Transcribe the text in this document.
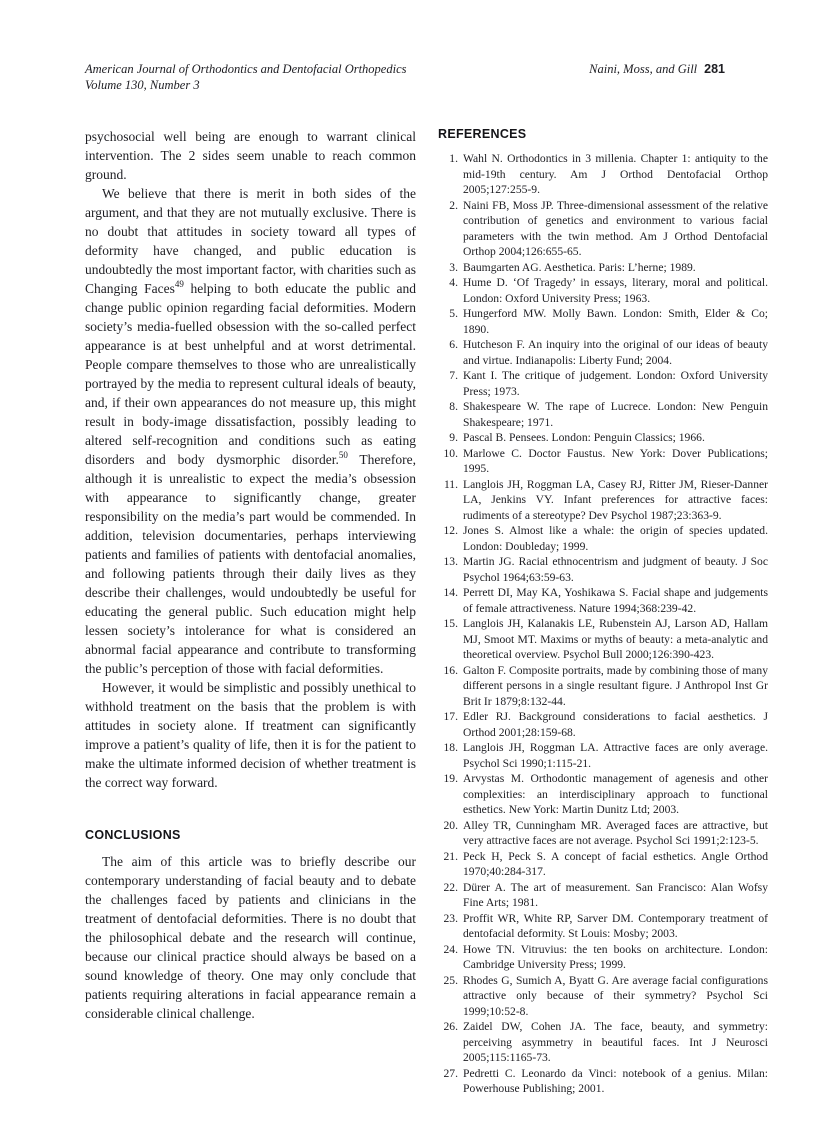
American Journal of Orthodontics and Dentofacial Orthopedics
Volume 130, Number 3
Naini, Moss, and Gill 281

psychosocial well being are enough to warrant clinical intervention. The 2 sides seem unable to reach common ground.

We believe that there is merit in both sides of the argument, and that they are not mutually exclusive. There is no doubt that attitudes in society toward all types of deformity have changed, and public education is undoubtedly the most important factor, with charities such as Changing Faces$^{49}$ helping to both educate the public and change public opinion regarding facial deformities. Modern society’s media-fuelled obsession with the so-called perfect appearance is at best unhelpful and at worst detrimental. People compare themselves to those who are unrealistically portrayed by the media to represent cultural ideals of beauty, and, if their own appearances do not measure up, this might result in body-image dissatisfaction, possibly leading to altered self-recognition and conditions such as eating disorders and body dysmorphic disorder.$^{50}$ Therefore, although it is unrealistic to expect the media’s obsession with appearance to significantly change, greater responsibility on the media’s part would be commended. In addition, television documentaries, perhaps interviewing patients and families of patients with dentofacial anomalies, and following patients through their daily lives as they describe their challenges, would undoubtedly be useful for educating the general public. Such education might help lessen society’s intolerance for what is considered an abnormal facial appearance and contribute to transforming the public’s perception of those with facial deformities.

However, it would be simplistic and possibly unethical to withhold treatment on the basis that the problem is with attitudes in society alone. If treatment can significantly improve a patient’s quality of life, then it is for the patient to make the ultimate informed decision of whether treatment is the correct way forward.

CONCLUSIONS

The aim of this article was to briefly describe our contemporary understanding of facial beauty and to debate the challenges faced by patients and clinicians in the treatment of dentofacial deformities. There is no doubt that the philosophical debate and the research will continue, because our clinical practice should always be based on a sound knowledge of theory. One may only conclude that patients requiring alterations in facial appearance remain a considerable clinical challenge.

REFERENCES
1. Wahl N. Orthodontics in 3 millenia. Chapter 1: antiquity to the mid-19th century. Am J Orthod Dentofacial Orthop 2005;127:255-9.
2. Naini FB, Moss JP. Three-dimensional assessment of the relative contribution of genetics and environment to various facial parameters with the twin method. Am J Orthod Dentofacial Orthop 2004;126:655-65.
3. Baumgarten AG. Aesthetica. Paris: L’herne; 1989.
4. Hume D. ‘Of Tragedy’ in essays, literary, moral and political. London: Oxford University Press; 1963.
5. Hungerford MW. Molly Bawn. London: Smith, Elder & Co; 1890.
6. Hutcheson F. An inquiry into the original of our ideas of beauty and virtue. Indianapolis: Liberty Fund; 2004.
7. Kant I. The critique of judgement. London: Oxford University Press; 1973.
8. Shakespeare W. The rape of Lucrece. London: New Penguin Shakespeare; 1971.
9. Pascal B. Pensees. London: Penguin Classics; 1966.
10. Marlowe C. Doctor Faustus. New York: Dover Publications; 1995.
11. Langlois JH, Roggman LA, Casey RJ, Ritter JM, Rieser-Danner LA, Jenkins VY. Infant preferences for attractive faces: rudiments of a stereotype? Dev Psychol 1987;23:363-9.
12. Jones S. Almost like a whale: the origin of species updated. London: Doubleday; 1999.
13. Martin JG. Racial ethnocentrism and judgment of beauty. J Soc Psychol 1964;63:59-63.
14. Perrett DI, May KA, Yoshikawa S. Facial shape and judgements of female attractiveness. Nature 1994;368:239-42.
15. Langlois JH, Kalanakis LE, Rubenstein AJ, Larson AD, Hallam MJ, Smoot MT. Maxims or myths of beauty: a meta-analytic and theoretical overview. Psychol Bull 2000;126:390-423.
16. Galton F. Composite portraits, made by combining those of many different persons in a single resultant figure. J Anthropol Inst Gr Brit Ir 1879;8:132-44.
17. Edler RJ. Background considerations to facial aesthetics. J Orthod 2001;28:159-68.
18. Langlois JH, Roggman LA. Attractive faces are only average. Psychol Sci 1990;1:115-21.
19. Arvystas M. Orthodontic management of agenesis and other complexities: an interdisciplinary approach to functional esthetics. New York: Martin Dunitz Ltd; 2003.
20. Alley TR, Cunningham MR. Averaged faces are attractive, but very attractive faces are not average. Psychol Sci 1991;2:123-5.
21. Peck H, Peck S. A concept of facial esthetics. Angle Orthod 1970;40:284-317.
22. Dürer A. The art of measurement. San Francisco: Alan Wofsy Fine Arts; 1981.
23. Proffit WR, White RP, Sarver DM. Contemporary treatment of dentofacial deformity. St Louis: Mosby; 2003.
24. Howe TN. Vitruvius: the ten books on architecture. London: Cambridge University Press; 1999.
25. Rhodes G, Sumich A, Byatt G. Are average facial configurations attractive only because of their symmetry? Psychol Sci 1999;10:52-8.
26. Zaidel DW, Cohen JA. The face, beauty, and symmetry: perceiving asymmetry in beautiful faces. Int J Neurosci 2005;115:1165-73.
27. Pedretti C. Leonardo da Vinci: notebook of a genius. Milan: Powerhouse Publishing; 2001.
